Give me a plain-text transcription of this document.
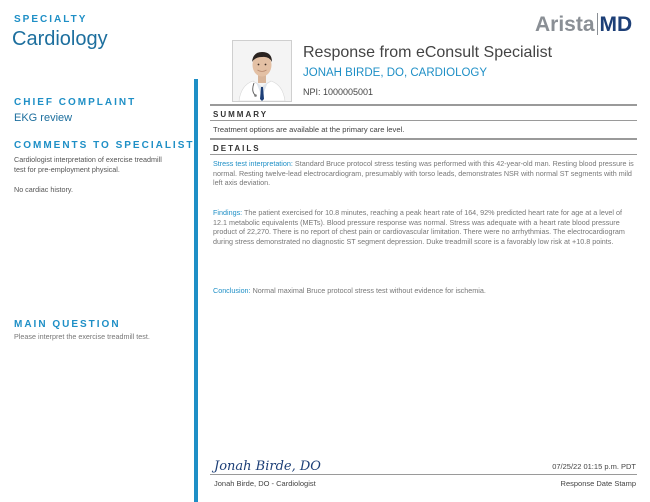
SPECIALTY
Cardiology
CHIEF COMPLAINT
EKG review
COMMENTS TO SPECIALIST
Cardiologist interpretation of exercise treadmill test for pre-employment physical.
No cardiac history.
MAIN QUESTION
Please interpret the exercise treadmill test.
Arista MD
Response from eConsult Specialist
JONAH BIRDE, DO, CARDIOLOGY
NPI: 1000005001
SUMMARY
Treatment options are available at the primary care level.
DETAILS
Stress test interpretation: Standard Bruce protocol stress testing was performed with this 42-year-old man. Resting blood pressure is normal. Resting twelve-lead electrocardiogram, presumably with torso leads, demonstrates NSR with normal ST segments with mild left axis deviation.
Findings: The patient exercised for 10.8 minutes, reaching a peak heart rate of 164, 92% predicted heart rate for age at a level of 12.1 metabolic equivalents (METs). Blood pressure response was normal. Stress was adequate with a heart rate blood pressure product of 22,270. There is no report of chest pain or cardiovascular limitation. There were no arrhythmias. The electrocardiogram during stress demonstrated no diagnostic ST segment depression. Duke treadmill score is a favorably low risk at +10.8 points.
Conclusion: Normal maximal Bruce protocol stress test without evidence for ischemia.
Jonah Birde, DO
Jonah Birde, DO - Cardiologist
07/25/22 01:15 p.m. PDT
Response Date Stamp
